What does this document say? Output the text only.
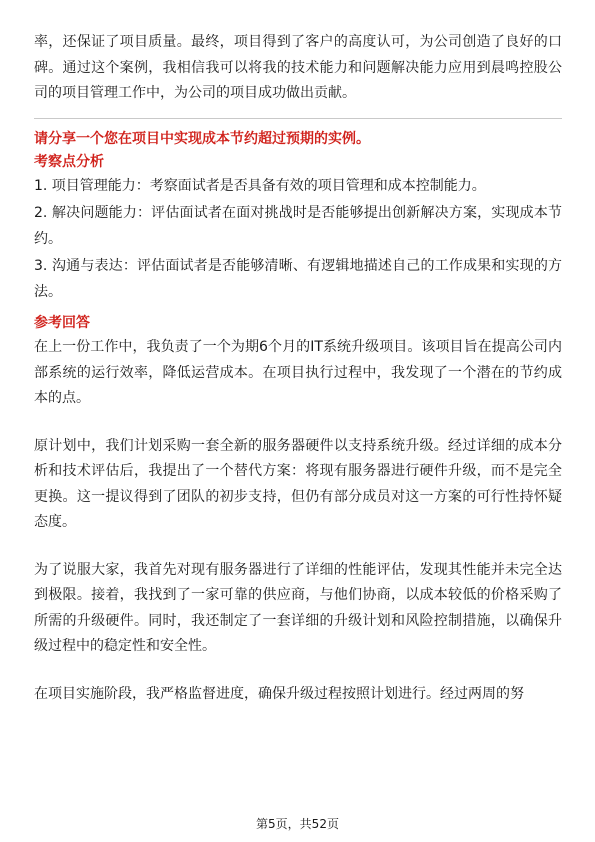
率，还保证了项目质量。最终，项目得到了客户的高度认可，为公司创造了良好的口碑。通过这个案例，我相信我可以将我的技术能力和问题解决能力应用到晨鸣控股公司的项目管理工作中，为公司的项目成功做出贡献。

请分享一个您在项目中实现成本节约超过预期的实例。

考察点分析

1. 项目管理能力：考察面试者是否具备有效的项目管理和成本控制能力。

2. 解决问题能力：评估面试者在面对挑战时是否能够提出创新解决方案，实现成本节约。

3. 沟通与表达：评估面试者是否能够清晰、有逻辑地描述自己的工作成果和实现的方法。

参考回答

在上一份工作中，我负责了一个为期6个月的IT系统升级项目。该项目旨在提高公司内部系统的运行效率，降低运营成本。在项目执行过程中，我发现了一个潜在的节约成本的点。

原计划中，我们计划采购一套全新的服务器硬件以支持系统升级。经过详细的成本分析和技术评估后，我提出了一个替代方案：将现有服务器进行硬件升级，而不是完全更换。这一提议得到了团队的初步支持，但仍有部分成员对这一方案的可行性持怀疑态度。

为了说服大家，我首先对现有服务器进行了详细的性能评估，发现其性能并未完全达到极限。接着，我找到了一家可靠的供应商，与他们协商，以成本较低的价格采购了所需的升级硬件。同时，我还制定了一套详细的升级计划和风险控制措施，以确保升级过程中的稳定性和安全性。

在项目实施阶段，我严格监督进度，确保升级过程按照计划进行。经过两周的努

第5页，共52页
